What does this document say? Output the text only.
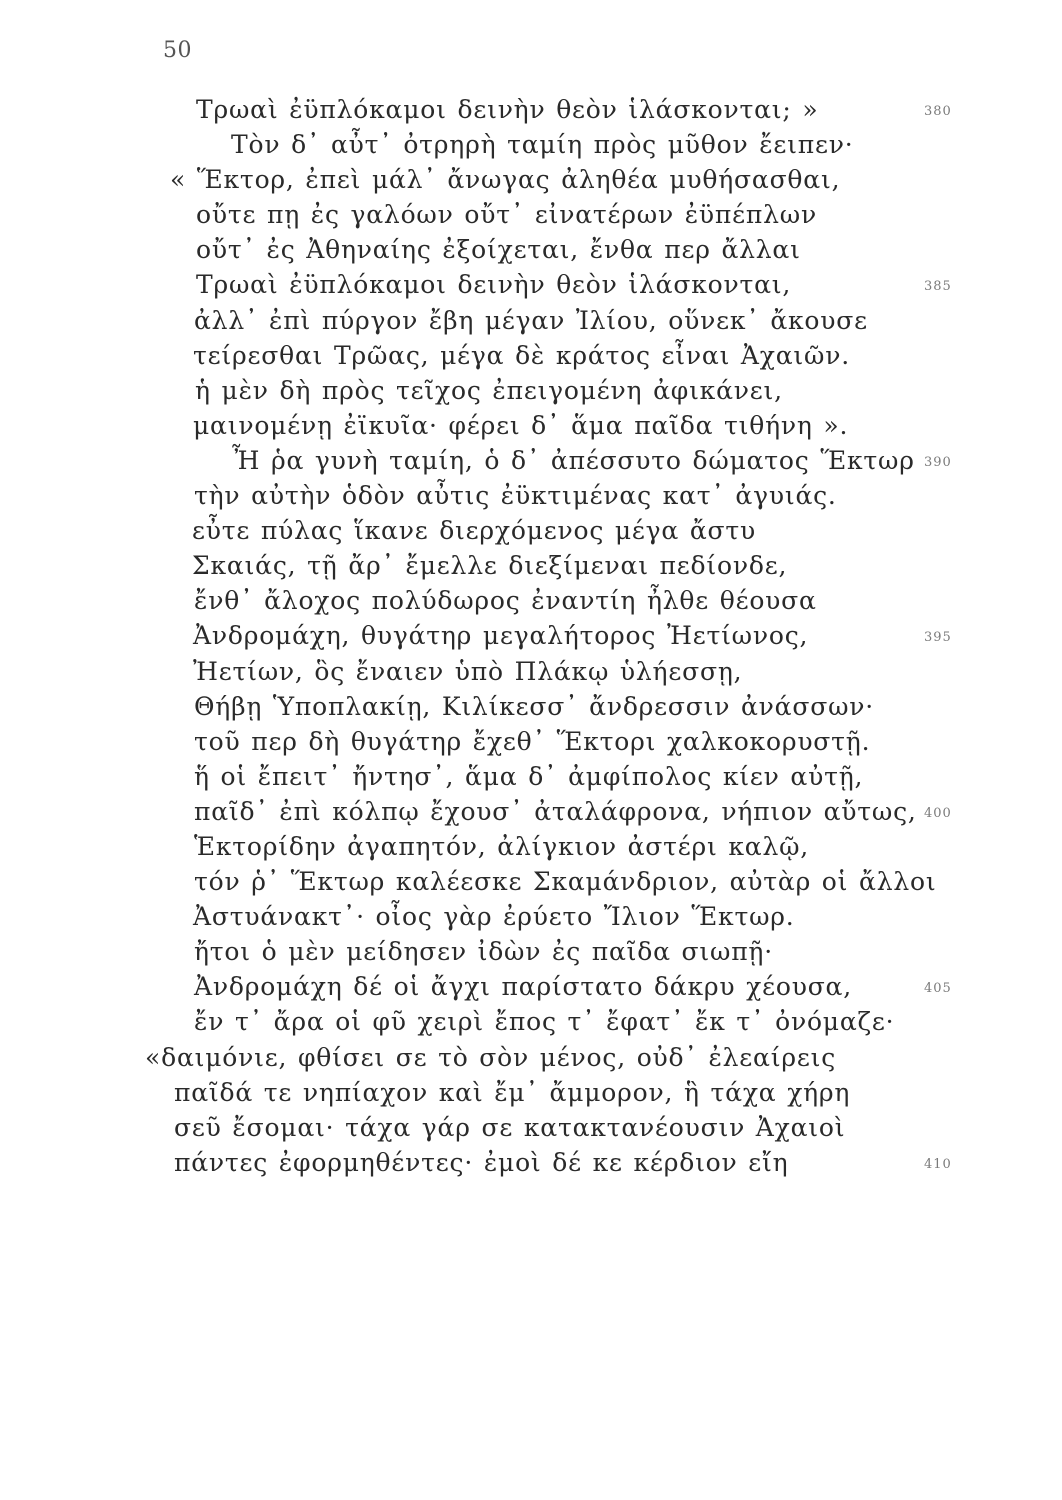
50
Τρωαὶ ἐϋπλόκαμοι δεινὴν θεὸν ἱλάσκονται; »	380
Τὸν δ᾽ αὖτ᾽ ὀτρηρὴ ταμίη πρὸς μῦθον ἔειπεν·
« Ἕκτορ, ἐπεὶ μάλ᾽ ἄνωγας ἀληθέα μυθήσασθαι,
οὔτε πῃ ἐς γαλόων οὔτ᾽ εἰνατέρων ἐϋπέπλων
οὔτ᾽ ἐς Ἀθηναίης ἐξοίχεται, ἔνθα περ ἄλλαι
Τρωαὶ ἐϋπλόκαμοι δεινὴν θεὸν ἱλάσκονται,	385
ἀλλ᾽ ἐπὶ πύργον ἔβη μέγαν Ἰλίου, οὕνεκ᾽ ἄκουσε
τείρεσθαι Τρῶας, μέγα δὲ κράτος εἶναι Ἀχαιῶν.
ἡ μὲν δὴ πρὸς τεῖχος ἐπειγομένη ἀφικάνει,
μαινομένῃ ἐϊκυῖα· φέρει δ᾽ ἅμα παῖδα τιθήνη ».
Ἦ ῥα γυνὴ ταμίη, ὁ δ᾽ ἀπέσσυτο δώματος Ἕκτωρ 390
τὴν αὐτὴν ὁδὸν αὖτις ἐϋκτιμένας κατ᾽ ἀγυιάς.
εὖτε πύλας ἵκανε διερχόμενος μέγα ἄστυ
Σκαιάς, τῇ ἄρ᾽ ἔμελλε διεξίμεναι πεδίονδε,
ἔνθ᾽ ἄλοχος πολύδωρος ἐναντίη ἦλθε θέουσα
Ἀνδρομάχη, θυγάτηρ μεγαλήτορος Ἠετίωνος,	395
Ἠετίων, ὃς ἔναιεν ὑπὸ Πλάκῳ ὑλήεσσῃ,
Θήβῃ Ὑποπλακίῃ, Κιλίκεσσ᾽ ἄνδρεσσιν ἀνάσσων·
τοῦ περ δὴ θυγάτηρ ἔχεθ᾽ Ἕκτορι χαλκοκορυστῇ.
ἥ οἱ ἔπειτ᾽ ἤντησ᾽, ἅμα δ᾽ ἀμφίπολος κίεν αὐτῇ,
παῖδ᾽ ἐπὶ κόλπῳ ἔχουσ᾽ ἀταλάφρονα, νήπιον αὔτως, 400
Ἑκτορίδην ἀγαπητόν, ἀλίγκιον ἀστέρι καλῷ,
τόν ῥ᾽ Ἕκτωρ καλέεσκε Σκαμάνδριον, αὐτὰρ οἱ ἄλλοι
Ἀστυάνακτ᾽· οἶος γὰρ ἐρύετο Ἴλιον Ἕκτωρ.
ἤτοι ὁ μὲν μείδησεν ἰδὼν ἐς παῖδα σιωπῇ·
Ἀνδρομάχη δέ οἱ ἄγχι παρίστατο δάκρυ χέουσα,	405
ἔν τ᾽ ἄρα οἱ φῦ χειρὶ ἔπος τ᾽ ἔφατ᾽ ἔκ τ᾽ ὀνόμαζε·
«δαιμόνιε, φθίσει σε τὸ σὸν μένος, οὐδ᾽ ἐλεαίρεις
παῖδά τε νηπίαχον καὶ ἔμ᾽ ἄμμορον, ἣ τάχα χήρη
σεῦ ἔσομαι· τάχα γάρ σε κατακτανέουσιν Ἀχαιοὶ
πάντες ἐφορμηθέντες· ἐμοὶ δέ κε κέρδιον εἴη	410
